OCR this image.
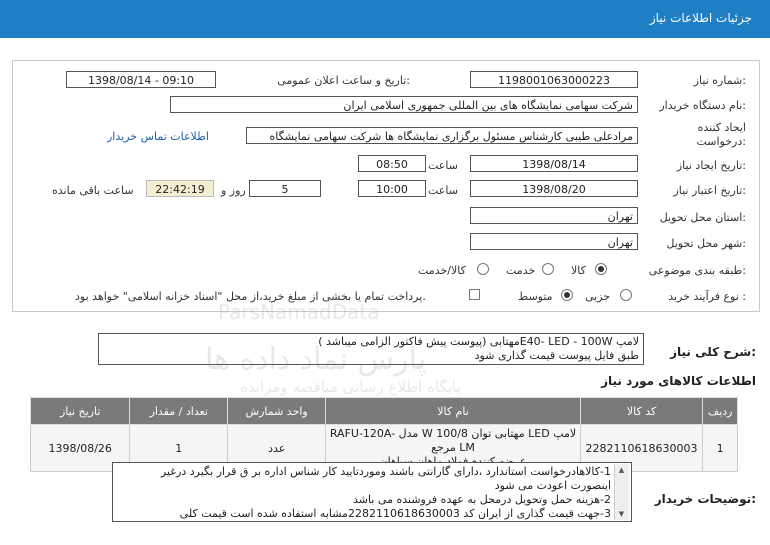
جزئیات اطلاعات نیاز
شماره نیاز:
1198001063000223
تاریخ و ساعت اعلان عمومی:
1398/08/14 - 09:10
نام دستگاه خریدار:
شرکت سهامی نمایشگاه های بین المللی جمهوری اسلامی ایران
ایجاد کننده
درخواست:
مرادعلی طیبی کارشناس مسئول برگزاری نمایشگاه ها شرکت سهامی نمایشگاه
اطلاعات تماس خریدار
تاریخ ایجاد نیاز:
1398/08/14
ساعت
08:50
تاریخ اعتبار نیاز:
1398/08/20
ساعت
10:00
5
روز و
22:42:19
ساعت باقی مانده
استان محل تحویل:
تهران
شهر محل تحویل:
تهران
طبقه بندی موضوعی:
کالا
خدمت
کالا/خدمت
نوع فرآیند خرید :
جزیی
متوسط
پرداخت تمام یا بخشی از مبلغ خرید،از محل "اسناد خزانه اسلامی" خواهد بود.
شرح کلی نیاز:
لامپ E40- LED - 100Wمهتابی (پیوست پیش فاکتور الزامی میباشد )
طبق فایل پیوست قیمت گذاری شود
پارس نماد داده ها
ParsNamadData
پایگاه اطلاع رسانی مناقصه ومزایده	اطلاعات کالاهای مورد نیاز
ردیف	کد کالا	نام کالا	واحد شمارش	تعداد / مقدار	تاریخ نیاز
1	2282110618630003	لامپ LED مهتابی توان W 100/8 مدل RAFU-120A-LM مرجع	عدد	1	1398/08/26
توضیحات خریدار:
1-کالاهادرخواست استاندارد ،دارای گارانتی باشند وموردتایید کار شناس اداره بر ق قرار بگیرد درغیر
اینصورت اعودت می شود
2-هزینه حمل وتحویل درمحل به عهده فروشنده می باشد
3-جهت قیمت گذاری از ایران کد 2282110618630003مشابه استفاده شده است قیمت کلی
▲
▼
